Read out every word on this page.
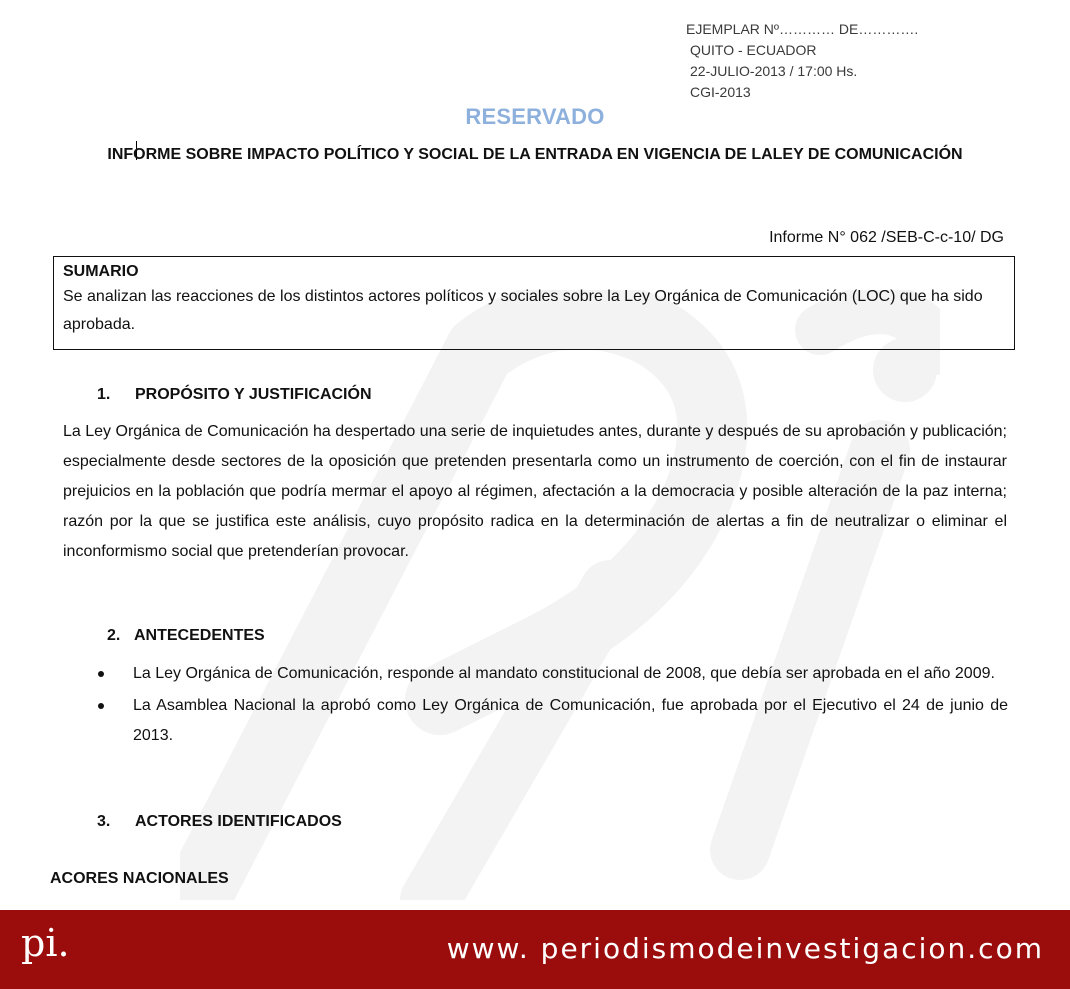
EJEMPLAR Nº………… DE………….
QUITO - ECUADOR
22-JULIO-2013 / 17:00 Hs.
CGI-2013
RESERVADO
INFORME SOBRE IMPACTO POLÍTICO Y SOCIAL DE LA ENTRADA EN VIGENCIA DE LALEY DE COMUNICACIÓN
Informe N° 062 /SEB-C-c-10/ DG
SUMARIO
Se analizan las reacciones de los distintos actores políticos y sociales sobre la Ley Orgánica de Comunicación (LOC) que ha sido aprobada.
1. PROPÓSITO Y JUSTIFICACIÓN
La Ley Orgánica de Comunicación ha despertado una serie de inquietudes antes, durante y después de su aprobación y publicación; especialmente desde sectores de la oposición que pretenden presentarla como un instrumento de coerción, con el fin de instaurar prejuicios en la población que podría mermar el apoyo al régimen, afectación a la democracia y posible alteración de la paz interna; razón por la que se justifica este análisis, cuyo propósito radica en la determinación de alertas a fin de neutralizar o eliminar el inconformismo social que pretenderían provocar.
2. ANTECEDENTES
La Ley Orgánica de Comunicación, responde al mandato constitucional de 2008, que debía ser aprobada en el año 2009.
La Asamblea Nacional la aprobó como Ley Orgánica de Comunicación, fue aprobada por el Ejecutivo el 24 de junio de 2013.
3. ACTORES IDENTIFICADOS
ACORES NACIONALES
pi.	www. periodismodeinvestigacion.com
